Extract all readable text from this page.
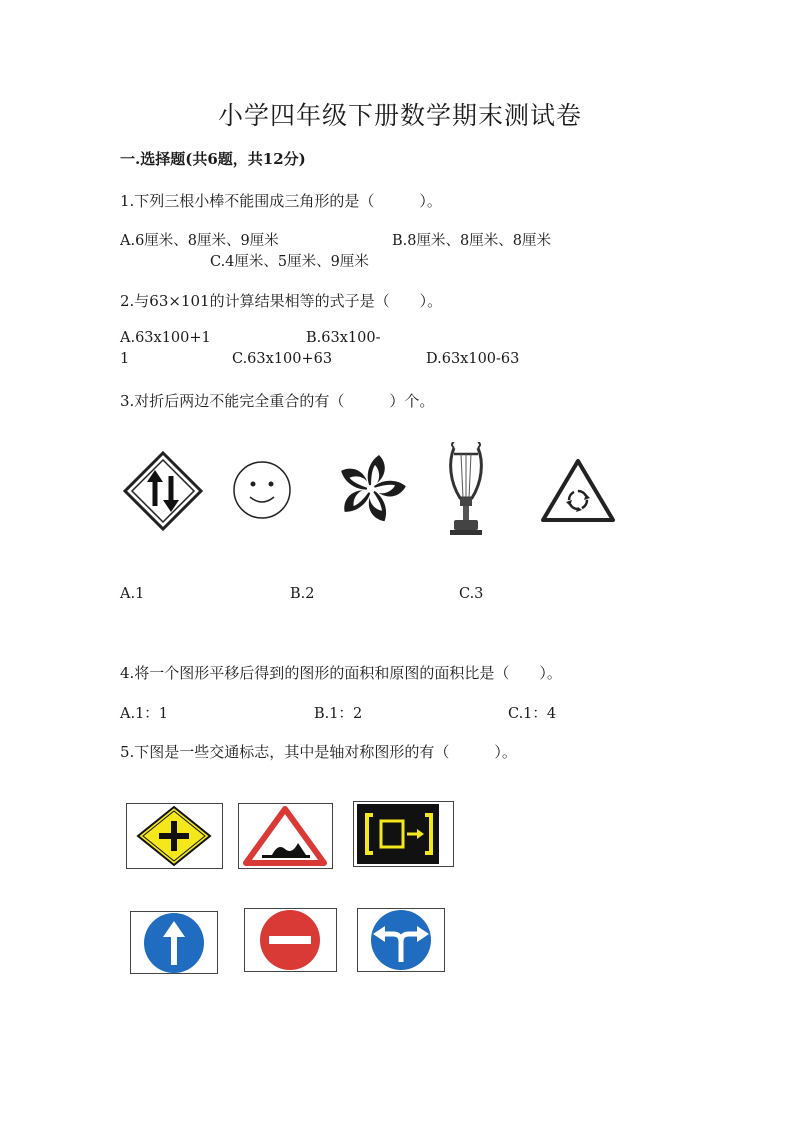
小学四年级下册数学期末测试卷
一.选择题(共6题，共12分)
1.下列三根小棒不能围成三角形的是（　　　）。
A.6厘米、8厘米、9厘米	B.8厘米、8厘米、8厘米
C.4厘米、5厘米、9厘米
2.与63×101的计算结果相等的式子是（　　）。
A.63x100+1	B.63x100-
1	C.63x100+63	D.63x100-63
3.对折后两边不能完全重合的有（　　　）个。
A.1	B.2	C.3
4.将一个图形平移后得到的图形的面积和原图的面积比是（　　）。
A.1：1	B.1：2	C.1：4
5.下图是一些交通标志，其中是轴对称图形的有（　　　）。
